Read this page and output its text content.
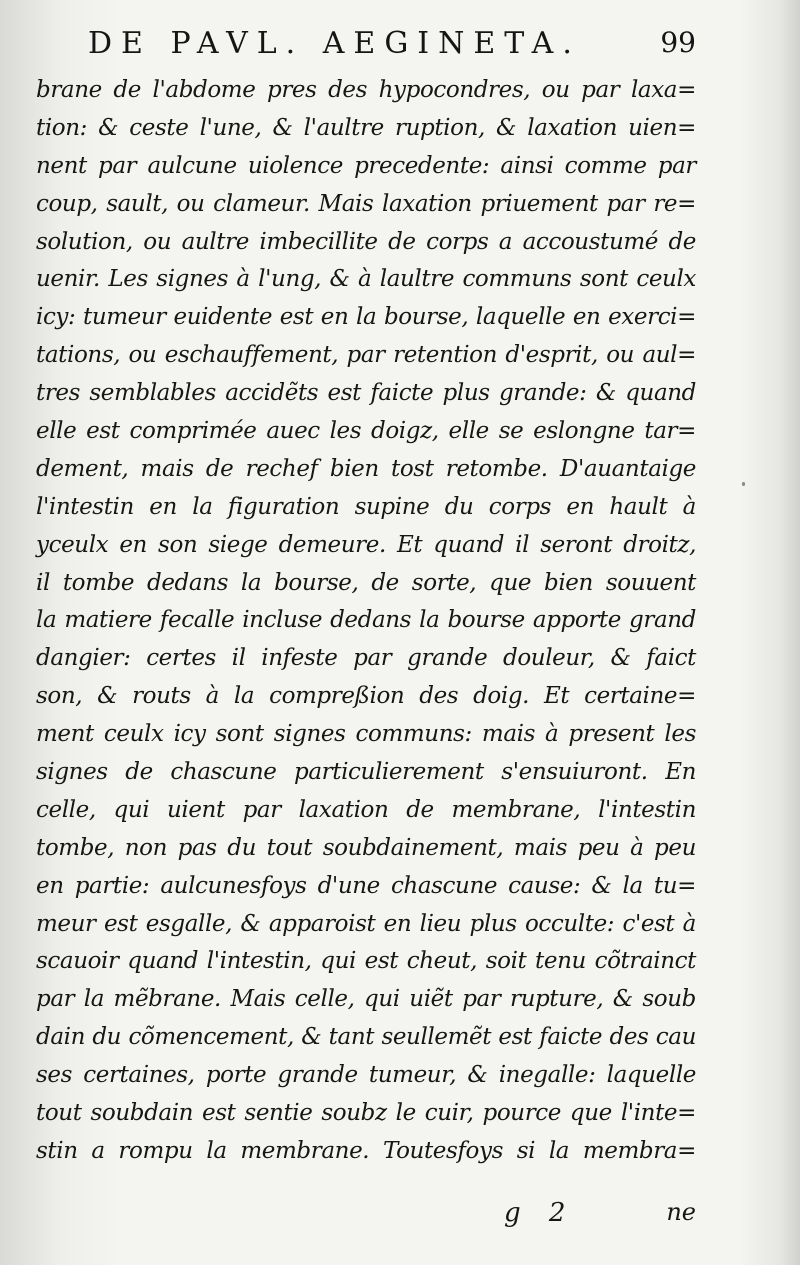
DE PAVL. AEGINETA.	99
brane de l'abdome pres des hypocondres, ou par laxa=
tion: & ceste l'une, & l'aultre ruption, & laxation uien=
nent par aulcune uiolence precedente: ainsi comme par
coup, sault, ou clameur. Mais laxation priuement par re=
solution, ou aultre imbecillite de corps a accoustumé de
uenir. Les signes à l'ung, & à laultre communs sont ceulx
icy: tumeur euidente est en la bourse, laquelle en exerci=
tations, ou eschauffement, par retention d'esprit, ou aul=
tres semblables accidẽts est faicte plus grande: & quand
elle est comprimée auec les doigz, elle se eslongne tar=
dement, mais de rechef bien tost retombe. D'auantaige
l'intestin en la figuration supine du corps en hault à
yceulx en son siege demeure. Et quand il seront droitz,
il tombe dedans la bourse, de sorte, que bien souuent
la matiere fecalle incluse dedans la bourse apporte grand
dangier: certes il infeste par grande douleur, & faict
son, & routs à la compreßion des doig. Et certaine=
ment ceulx icy sont signes communs: mais à present les
signes de chascune particulierement s'ensuiuront. En
celle, qui uient par laxation de membrane, l'intestin
tombe, non pas du tout soubdainement, mais peu à peu
en partie: aulcunesfoys d'une chascune cause: & la tu=
meur est esgalle, & apparoist en lieu plus occulte: c'est à
scauoir quand l'intestin, qui est cheut, soit tenu cõtrainct
par la mẽbrane. Mais celle, qui uiẽt par rupture, & soub
dain du cõmencement, & tant seullemẽt est faicte des cau
ses certaines, porte grande tumeur, & inegalle: laquelle
tout soubdain est sentie soubz le cuir, pource que l'inte=
stin a rompu la membrane. Toutesfoys si la membra=
g 2	ne
